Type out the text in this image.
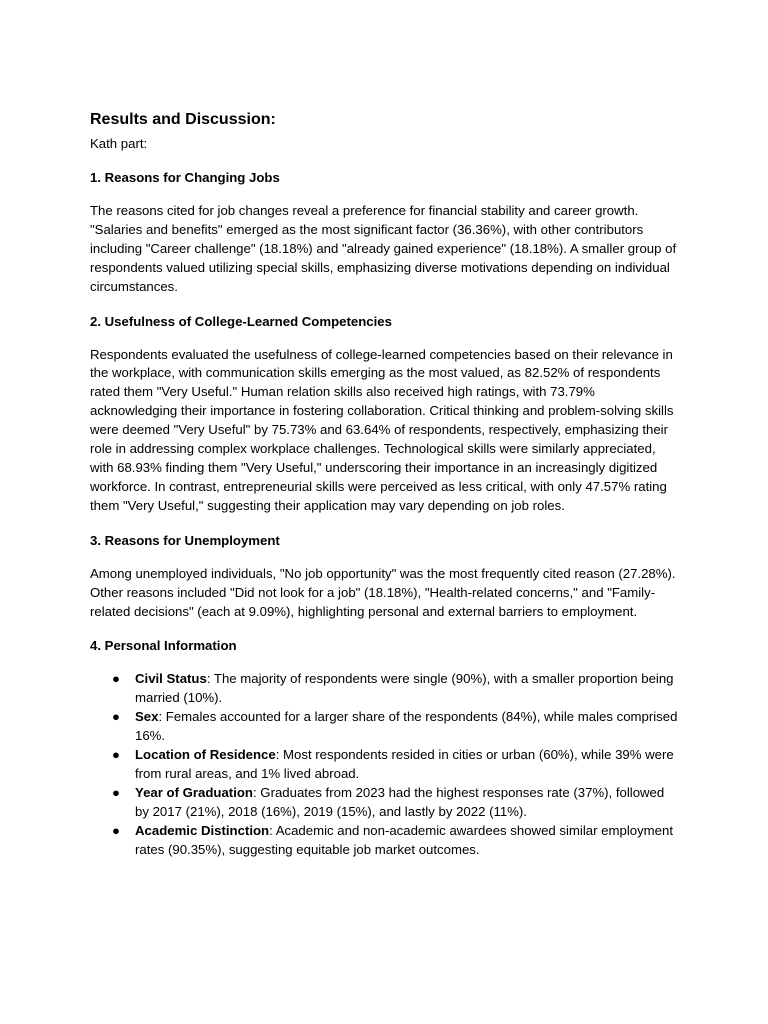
Results and Discussion:

Kath part:

1. Reasons for Changing Jobs

The reasons cited for job changes reveal a preference for financial stability and career growth. "Salaries and benefits" emerged as the most significant factor (36.36%), with other contributors including "Career challenge" (18.18%) and "already gained experience" (18.18%). A smaller group of respondents valued utilizing special skills, emphasizing diverse motivations depending on individual circumstances.

2. Usefulness of College-Learned Competencies

Respondents evaluated the usefulness of college-learned competencies based on their relevance in the workplace, with communication skills emerging as the most valued, as 82.52% of respondents rated them "Very Useful." Human relation skills also received high ratings, with 73.79% acknowledging their importance in fostering collaboration. Critical thinking and problem-solving skills were deemed "Very Useful" by 75.73% and 63.64% of respondents, respectively, emphasizing their role in addressing complex workplace challenges. Technological skills were similarly appreciated, with 68.93% finding them "Very Useful," underscoring their importance in an increasingly digitized workforce. In contrast, entrepreneurial skills were perceived as less critical, with only 47.57% rating them "Very Useful," suggesting their application may vary depending on job roles.

3. Reasons for Unemployment

Among unemployed individuals, "No job opportunity" was the most frequently cited reason (27.28%). Other reasons included "Did not look for a job" (18.18%), "Health-related concerns," and "Family-related decisions" (each at 9.09%), highlighting personal and external barriers to employment.

4. Personal Information
● Civil Status: The majority of respondents were single (90%), with a smaller proportion being married (10%).
● Sex: Females accounted for a larger share of the respondents (84%), while males comprised 16%.
● Location of Residence: Most respondents resided in cities or urban (60%), while 39% were from rural areas, and 1% lived abroad.
● Year of Graduation: Graduates from 2023 had the highest responses rate (37%), followed by 2017 (21%), 2018 (16%), 2019 (15%), and lastly by 2022 (11%).
● Academic Distinction: Academic and non-academic awardees showed similar employment rates (90.35%), suggesting equitable job market outcomes.
